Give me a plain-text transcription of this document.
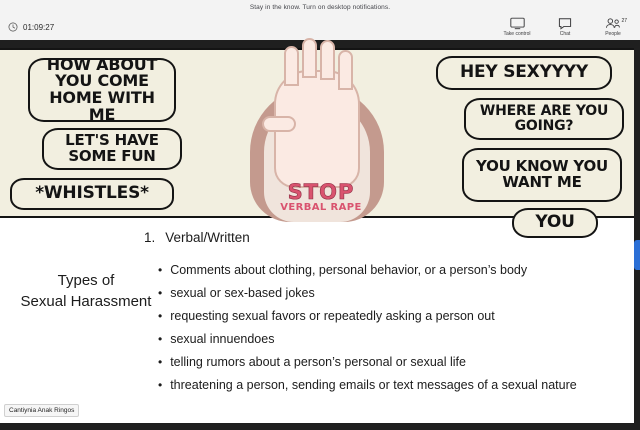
Stay in the know. Turn on desktop notifications.
01:09:27
Take control	Chat
27
People
HOW ABOUT YOU COME HOME WITH ME
LET'S HAVE SOME FUN
*WHISTLES*
HEY SEXYYYY
WHERE ARE YOU GOING?
YOU KNOW YOU WANT ME
YOU
STOP
VERBAL RAPE
Types of
Sexual Harassment
1. Verbal/Written
• Comments about clothing, personal behavior, or a person’s body
• sexual or sex-based jokes
• requesting sexual favors or repeatedly asking a person out
• sexual innuendoes
• telling rumors about a person’s personal or sexual life
• threatening a person, sending emails or text messages of a sexual nature
Cantiynia Anak Ringos
